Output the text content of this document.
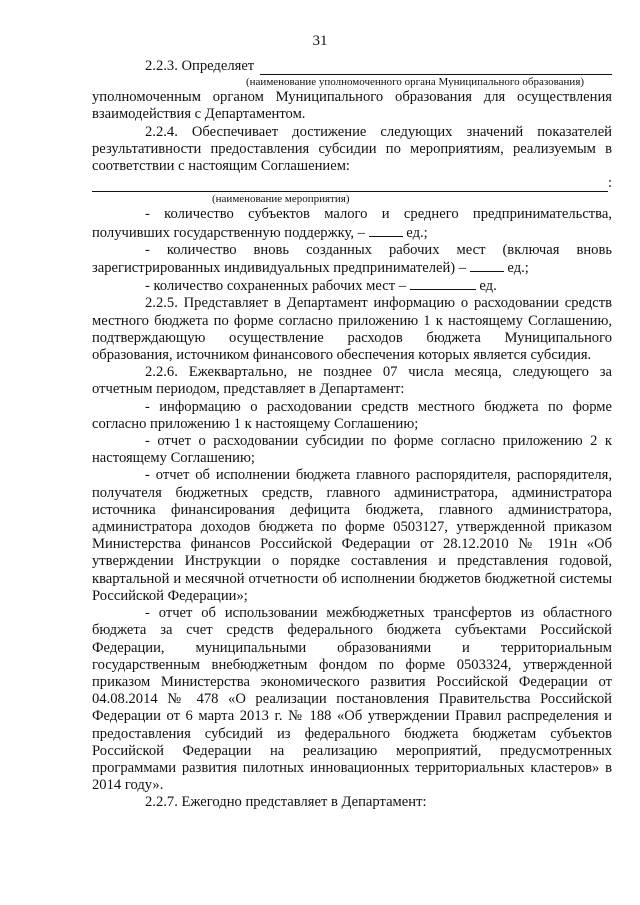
31
2.2.3. Определяет
(наименование уполномоченного органа Муниципального образования)

уполномоченным органом Муниципального образования для осуществления взаимодействия с Департаментом.

2.2.4. Обеспечивает достижение следующих значений показателей результативности предоставления субсидии по мероприятиям, реализуемым в соответствии с настоящим Соглашением:

:
(наименование мероприятия)

- количество субъектов малого и среднего предпринимательства, получивших государственную поддержку, –	ед.;

- количество вновь созданных рабочих мест (включая вновь зарегистрированных индивидуальных предпринимателей) –	ед.;

- количество сохраненных рабочих мест –	ед.

2.2.5. Представляет в Департамент информацию о расходовании средств местного бюджета по форме согласно приложению 1 к настоящему Соглашению, подтверждающую осуществление расходов бюджета Муниципального образования, источником финансового обеспечения которых является субсидия.

2.2.6. Ежеквартально, не позднее 07 числа месяца, следующего за отчетным периодом, представляет в Департамент:

- информацию о расходовании средств местного бюджета по форме согласно приложению 1 к настоящему Соглашению;

- отчет о расходовании субсидии по форме согласно приложению 2 к настоящему Соглашению;

- отчет об исполнении бюджета главного распорядителя, распорядителя, получателя бюджетных средств, главного администратора, администратора источника финансирования дефицита бюджета, главного администратора, администратора доходов бюджета по форме 0503127, утвержденной приказом Министерства финансов Российской Федерации от 28.12.2010 № 191н «Об утверждении Инструкции о порядке составления и представления годовой, квартальной и месячной отчетности об исполнении бюджетов бюджетной системы Российской Федерации»;

- отчет об использовании межбюджетных трансфертов из областного бюджета за счет средств федерального бюджета субъектами Российской Федерации, муниципальными образованиями и территориальным государственным внебюджетным фондом по форме 0503324, утвержденной приказом Министерства экономического развития Российской Федерации от 04.08.2014 № 478 «О реализации постановления Правительства Российской Федерации от 6 марта 2013 г. № 188 «Об утверждении Правил распределения и предоставления субсидий из федерального бюджета бюджетам субъектов Российской Федерации на реализацию мероприятий, предусмотренных программами развития пилотных инновационных территориальных кластеров» в 2014 году».

2.2.7. Ежегодно представляет в Департамент:
